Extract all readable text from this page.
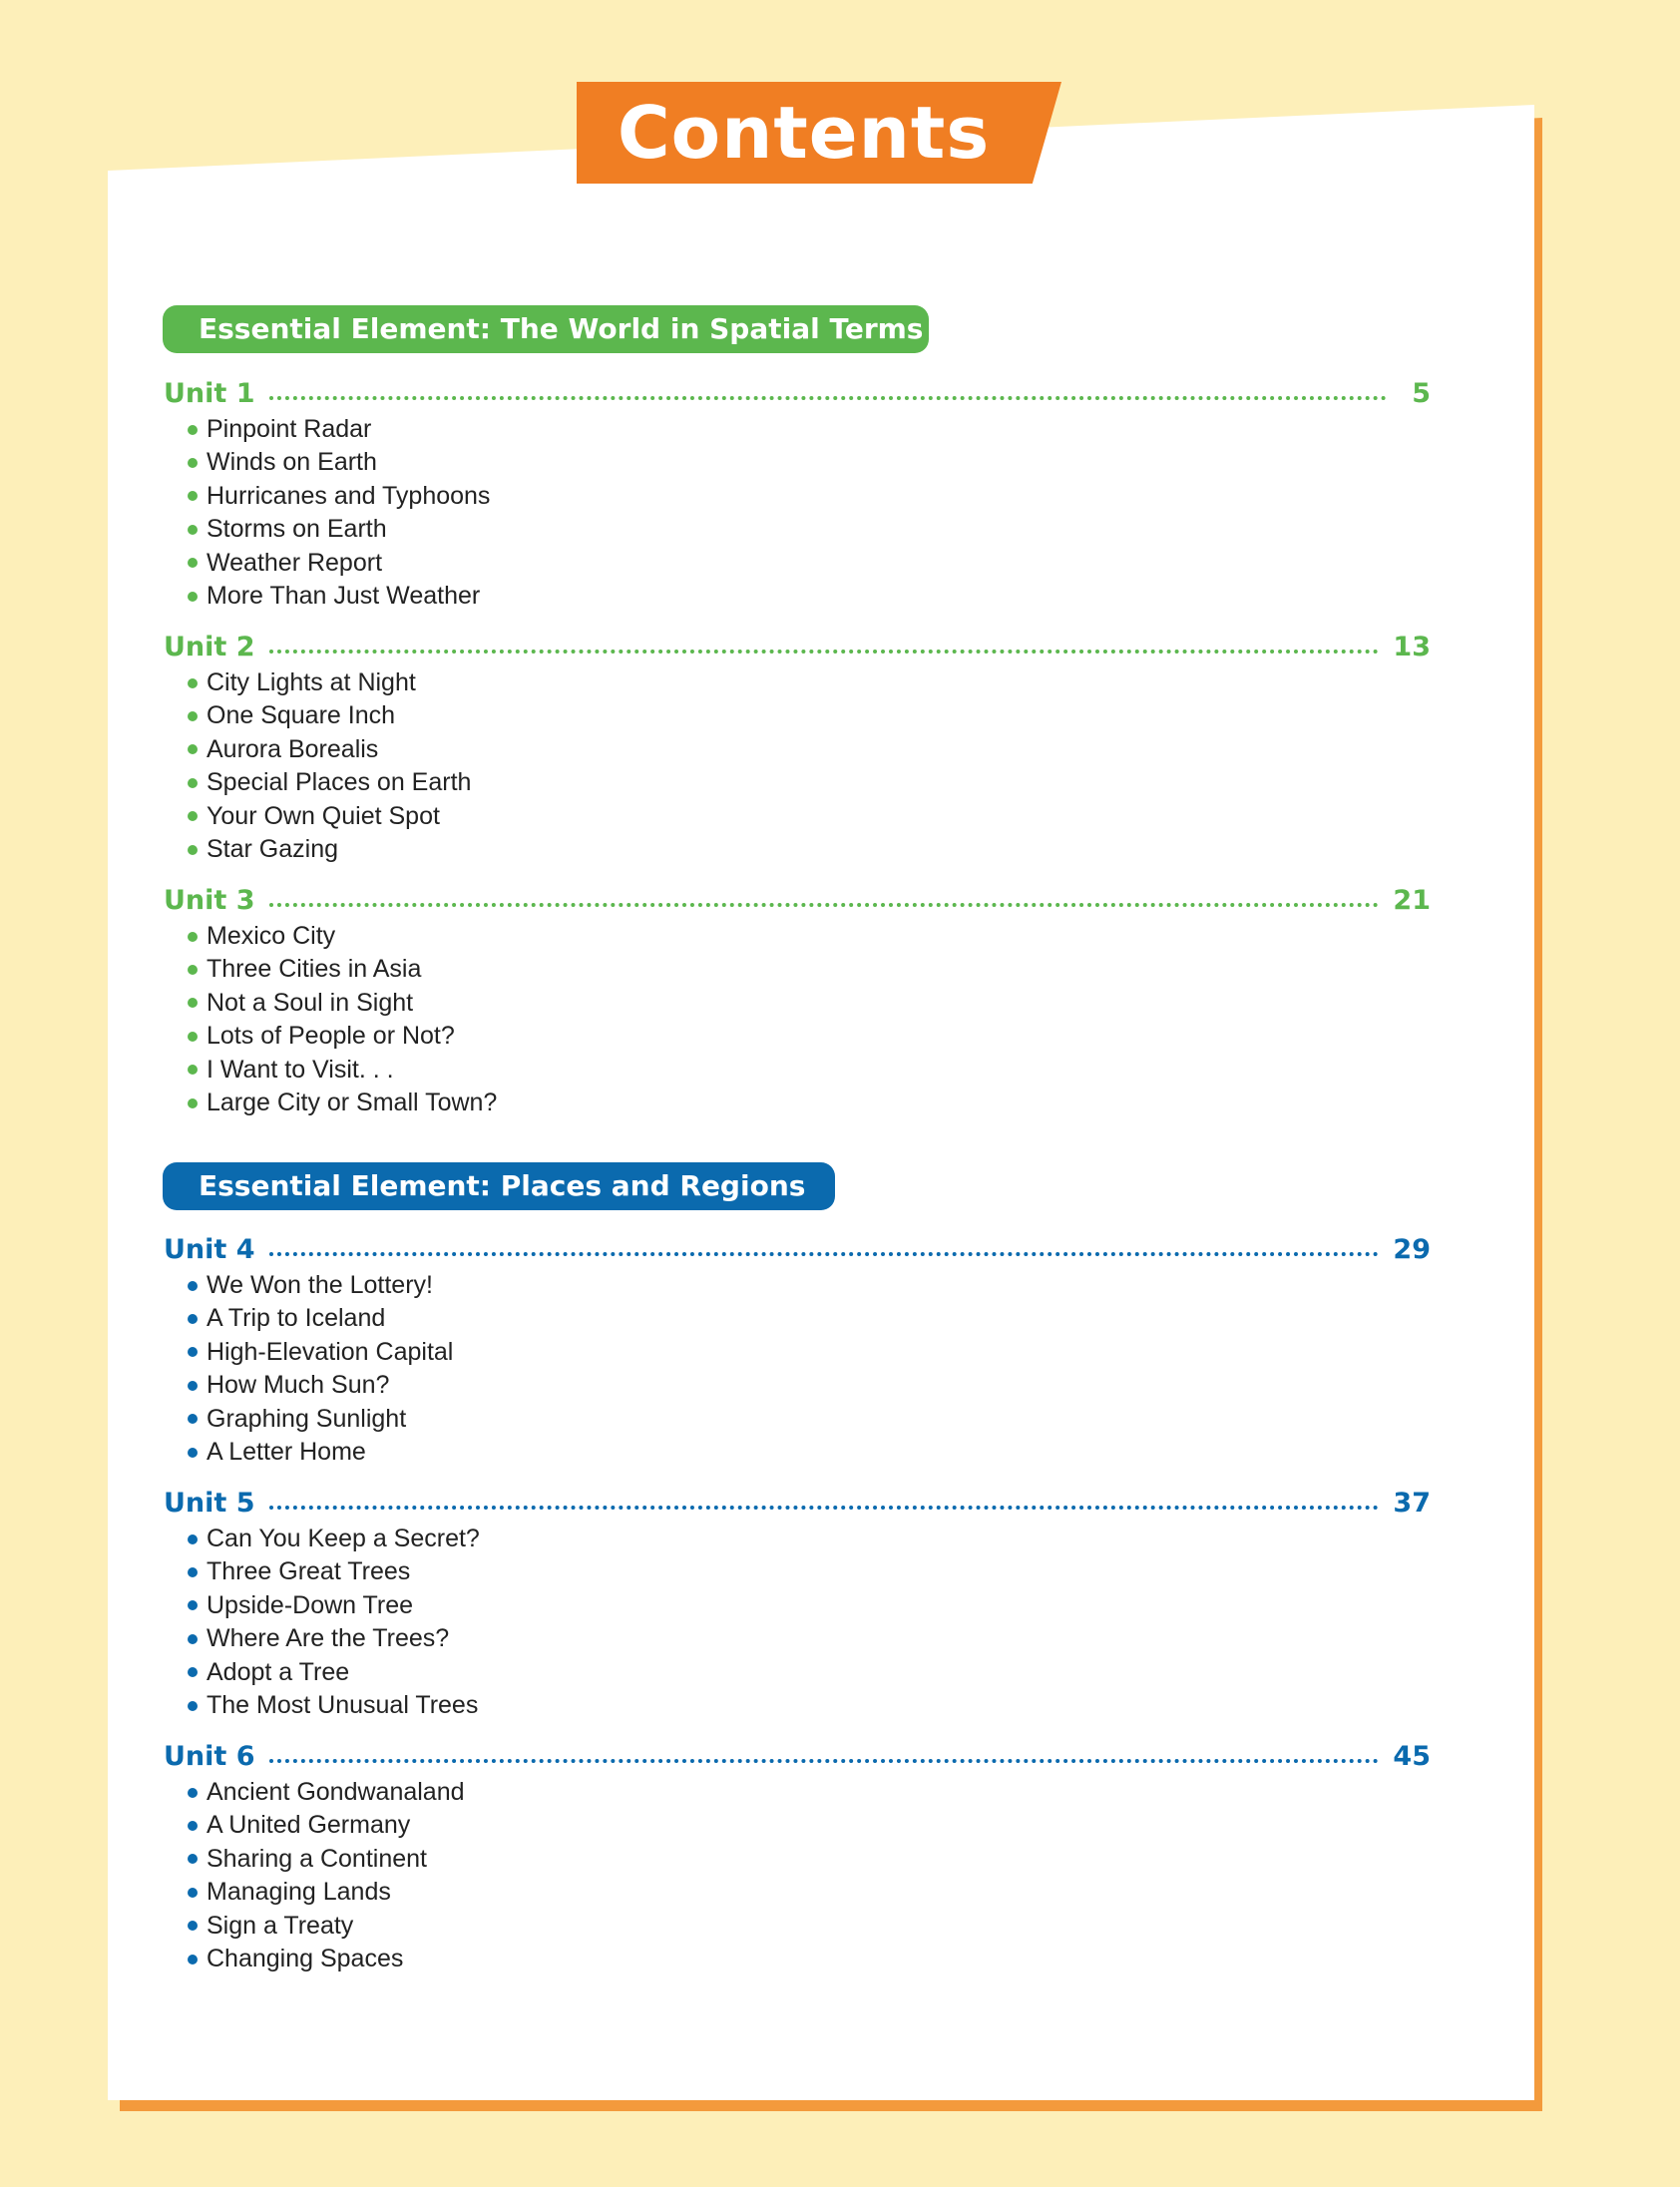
Contents
Essential Element: The World in Spatial Terms
Unit 1	5
Pinpoint Radar
Winds on Earth
Hurricanes and Typhoons
Storms on Earth
Weather Report
More Than Just Weather
Unit 2	13
City Lights at Night
One Square Inch
Aurora Borealis
Special Places on Earth
Your Own Quiet Spot
Star Gazing
Unit 3	21
Mexico City
Three Cities in Asia
Not a Soul in Sight
Lots of People or Not?
I Want to Visit. . .
Large City or Small Town?
Essential Element: Places and Regions
Unit 4	29
We Won the Lottery!
A Trip to Iceland
High-Elevation Capital
How Much Sun?
Graphing Sunlight
A Letter Home
Unit 5	37
Can You Keep a Secret?
Three Great Trees
Upside-Down Tree
Where Are the Trees?
Adopt a Tree
The Most Unusual Trees
Unit 6	45
Ancient Gondwanaland
A United Germany
Sharing a Continent
Managing Lands
Sign a Treaty
Changing Spaces
